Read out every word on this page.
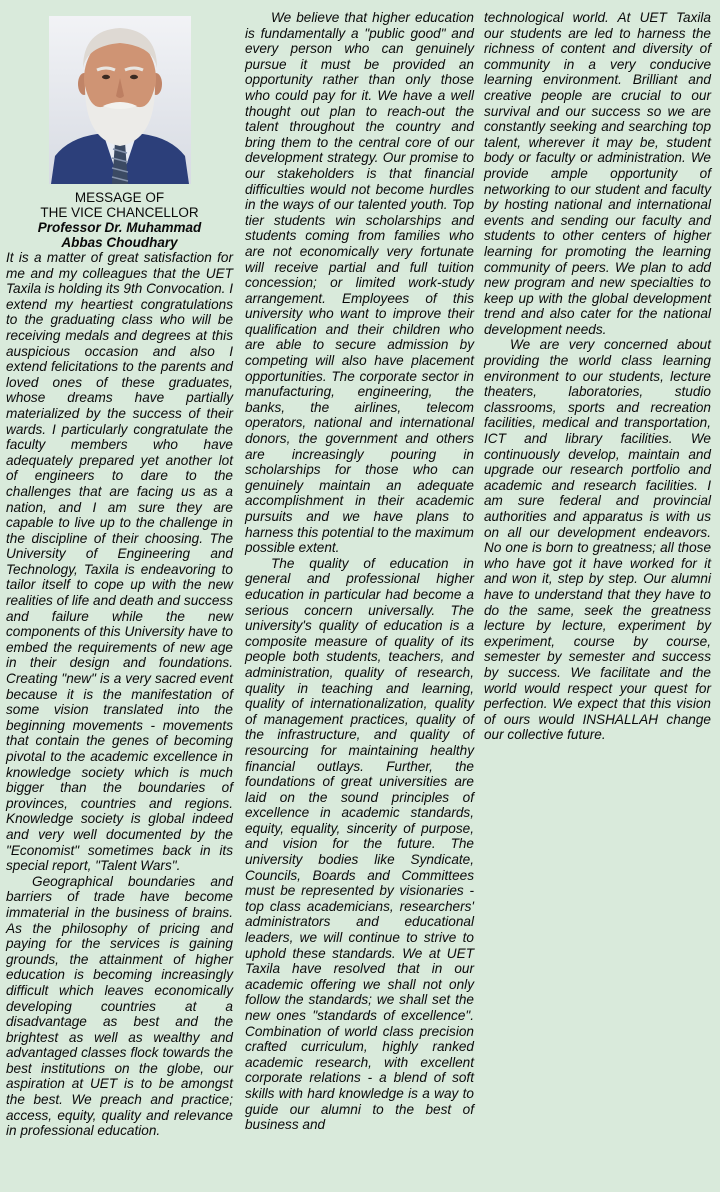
MESSAGE OF
THE VICE CHANCELLOR
Professor Dr. Muhammad
Abbas Choudhary

It is a matter of great satisfaction for me and my colleagues that the UET Taxila is holding its 9th Convocation. I extend my heartiest congratulations to the graduating class who will be receiving medals and degrees at this auspicious occasion and also I extend felicitations to the parents and loved ones of these graduates, whose dreams have partially materialized by the success of their wards. I particularly congratulate the faculty members who have adequately prepared yet another lot of engineers to dare to the challenges that are facing us as a nation, and I am sure they are capable to live up to the challenge in the discipline of their choosing. The University of Engineering and Technology, Taxila is endeavoring to tailor itself to cope up with the new realities of life and death and success and failure while the new components of this University have to embed the requirements of new age in their design and foundations. Creating "new" is a very sacred event because it is the manifestation of some vision translated into the beginning movements - movements that contain the genes of becoming pivotal to the academic excellence in knowledge society which is much bigger than the boundaries of provinces, countries and regions. Knowledge society is global indeed and very well documented by the "Economist" sometimes back in its special report, "Talent Wars".

Geographical boundaries and barriers of trade have become immaterial in the business of brains. As the philosophy of pricing and paying for the services is gaining grounds, the attainment of higher education is becoming increasingly difficult which leaves economically developing countries at a disadvantage as best and the brightest as well as wealthy and advantaged classes flock towards the best institutions on the globe, our aspiration at UET is to be amongst the best. We preach and practice; access, equity, quality and relevance in professional education.

We believe that higher education is fundamentally a "public good" and every person who can genuinely pursue it must be provided an opportunity rather than only those who could pay for it. We have a well thought out plan to reach-out the talent throughout the country and bring them to the central core of our development strategy. Our promise to our stakeholders is that financial difficulties would not become hurdles in the ways of our talented youth. Top tier students win scholarships and students coming from families who are not economically very fortunate will receive partial and full tuition concession; or limited work-study arrangement. Employees of this university who want to improve their qualification and their children who are able to secure admission by competing will also have placement opportunities. The corporate sector in manufacturing, engineering, the banks, the airlines, telecom operators, national and international donors, the government and others are increasingly pouring in scholarships for those who can genuinely maintain an adequate accomplishment in their academic pursuits and we have plans to harness this potential to the maximum possible extent.

The quality of education in general and professional higher education in particular had become a serious concern universally. The university's quality of education is a composite measure of quality of its people both students, teachers, and administration, quality of research, quality in teaching and learning, quality of internationalization, quality of management practices, quality of the infrastructure, and quality of resourcing for maintaining healthy financial outlays. Further, the foundations of great universities are laid on the sound principles of excellence in academic standards, equity, equality, sincerity of purpose, and vision for the future. The university bodies like Syndicate, Councils, Boards and Committees must be represented by visionaries - top class academicians, researchers' administrators and educational leaders, we will continue to strive to uphold these standards. We at UET Taxila have resolved that in our academic offering we shall not only follow the standards; we shall set the new ones "standards of excellence". Combination of world class precision crafted curriculum, highly ranked academic research, with excellent corporate relations - a blend of soft skills with hard knowledge is a way to guide our alumni to the best of business and

technological world. At UET Taxila our students are led to harness the richness of content and diversity of community in a very conducive learning environment. Brilliant and creative people are crucial to our survival and our success so we are constantly seeking and searching top talent, wherever it may be, student body or faculty or administration. We provide ample opportunity of networking to our student and faculty by hosting national and international events and sending our faculty and students to other centers of higher learning for promoting the learning community of peers. We plan to add new program and new specialties to keep up with the global development trend and also cater for the national development needs.

We are very concerned about providing the world class learning environment to our students, lecture theaters, laboratories, studio classrooms, sports and recreation facilities, medical and transportation, ICT and library facilities. We continuously develop, maintain and upgrade our research portfolio and academic and research facilities. I am sure federal and provincial authorities and apparatus is with us on all our development endeavors. No one is born to greatness; all those who have got it have worked for it and won it, step by step. Our alumni have to understand that they have to do the same, seek the greatness lecture by lecture, experiment by experiment, course by course, semester by semester and success by success. We facilitate and the world would respect your quest for perfection. We expect that this vision of ours would INSHALLAH change our collective future.
